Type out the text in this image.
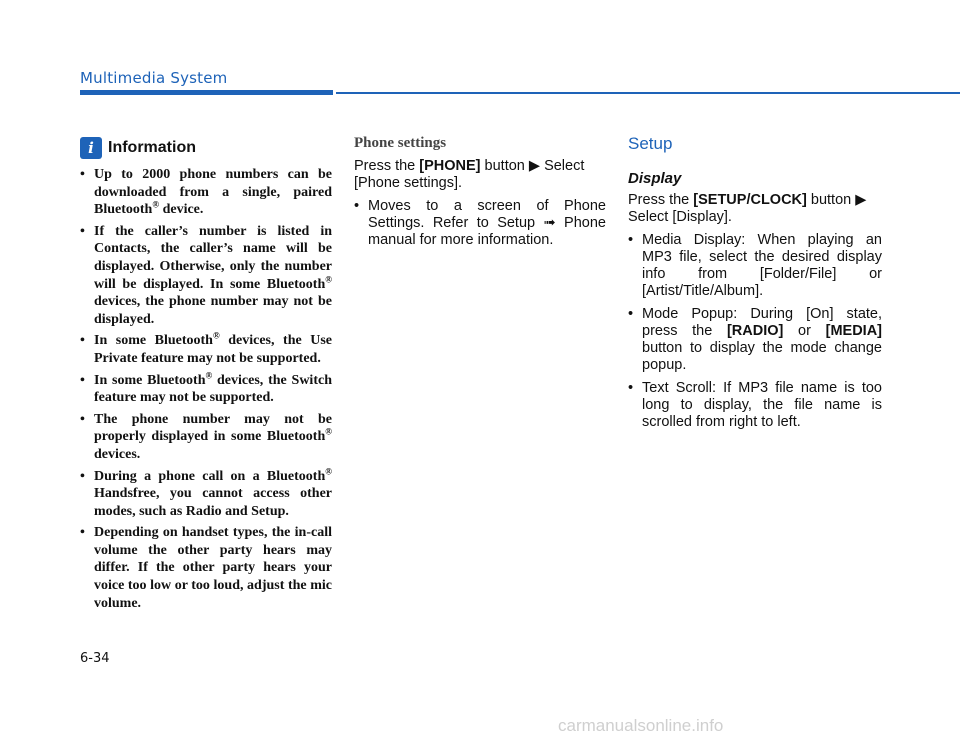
Multimedia System
i Information
• Up to 2000 phone numbers can be downloaded from a single, paired Bluetooth® device.
• If the caller’s number is listed in Contacts, the caller’s name will be displayed. Otherwise, only the number will be displayed. In some Bluetooth® devices, the phone number may not be displayed.
• In some Bluetooth® devices, the Use Private feature may not be supported.
• In some Bluetooth® devices, the Switch feature may not be supported.
• The phone number may not be properly displayed in some Bluetooth® devices.
• During a phone call on a Bluetooth® Handsfree, you cannot access other modes, such as Radio and Setup.
• Depending on handset types, the in-call volume the other party hears may differ. If the other party hears your voice too low or too loud, adjust the mic volume.
Phone settings

Press the [PHONE] button ▶ Select [Phone settings].

• Moves to a screen of Phone Settings. Refer to Setup ➟ Phone manual for more information.
Setup
Display

Press the [SETUP/CLOCK] button ▶ Select [Display].

• Media Display: When playing an MP3 file, select the desired display info from [Folder/File] or [Artist/Title/Album].
• Mode Popup: During [On] state, press the [RADIO] or [MEDIA] button to display the mode change popup.
• Text Scroll: If MP3 file name is too long to display, the file name is scrolled from right to left.
6-34
carmanualsonline.info
